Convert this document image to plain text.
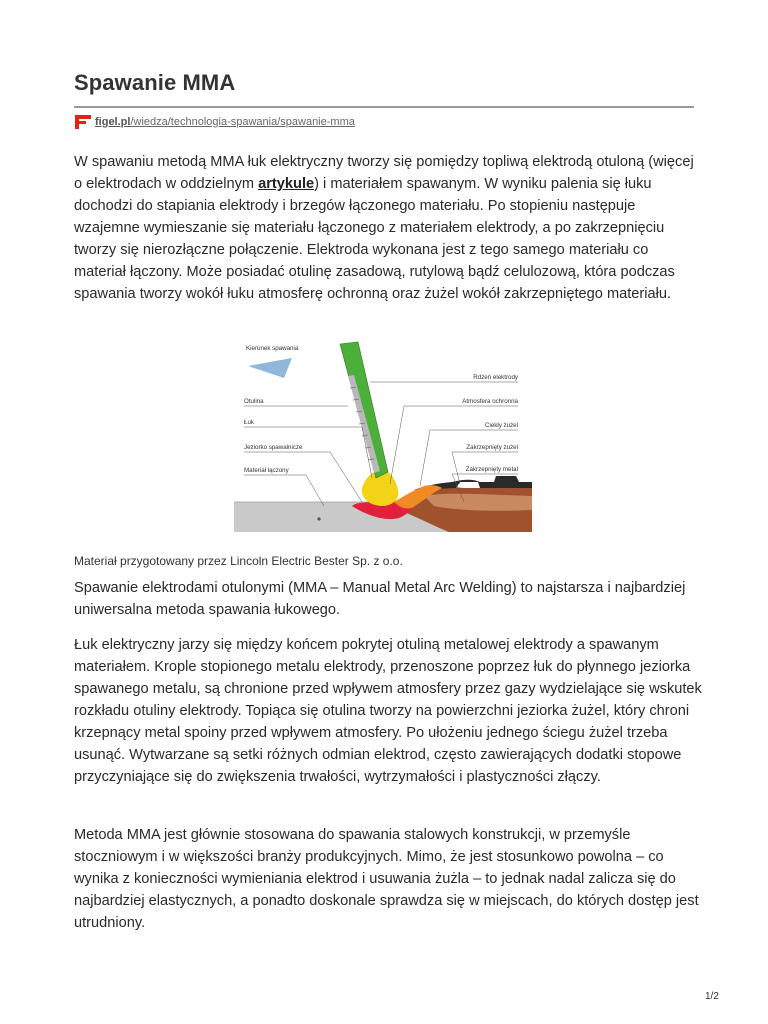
Spawanie MMA
figel.pl /wiedza/technologia-spawania/spawanie-mma

W spawaniu metodą MMA łuk elektryczny tworzy się pomiędzy topliwą elektrodą otuloną (więcej o elektrodach w oddzielnym artykule) i materiałem spawanym. W wyniku palenia się łuku dochodzi do stapiania elektrody i brzegów łączonego materiału. Po stopieniu następuje wzajemne wymieszanie się materiału łączonego z materiałem elektrody, a po zakrzepnięciu tworzy się nierozłączne połączenie. Elektroda wykonana jest z tego samego materiału co materiał łączony. Może posiadać otulinę zasadową, rutylową bądź celulozową, która podczas spawania tworzy wokół łuku atmosferę ochronną oraz żużel wokół zakrzepniętego materiału.

Kierunek spawania
Otulina
Łuk
Jeziorko spawalnicze
Materiał łączony
Rdzeń elektrody
Atmosfera ochronna
Ciekły żużel
Zakrzepnięty żużel
Zakrzepnięty metal

Materiał przygotowany przez Lincoln Electric Bester Sp. z o.o.

Spawanie elektrodami otulonymi (MMA – Manual Metal Arc Welding) to najstarsza i najbardziej uniwersalna metoda spawania łukowego.

Łuk elektryczny jarzy się między końcem pokrytej otuliną metalowej elektrody a spawanym materiałem. Krople stopionego metalu elektrody, przenoszone poprzez łuk do płynnego jeziorka spawanego metalu, są chronione przed wpływem atmosfery przez gazy wydzielające się wskutek rozkładu otuliny elektrody. Topiąca się otulina tworzy na powierzchni jeziorka żużel, który chroni krzepnący metal spoiny przed wpływem atmosfery. Po ułożeniu jednego ściegu żużel trzeba usunąć. Wytwarzane są setki różnych odmian elektrod, często zawierających dodatki stopowe przyczyniające się do zwiększenia trwałości, wytrzymałości i plastyczności złączy.

Metoda MMA jest głównie stosowana do spawania stalowych konstrukcji, w przemyśle stoczniowym i w większości branży produkcyjnych. Mimo, że jest stosunkowo powolna – co wynika z konieczności wymieniania elektrod i usuwania żużla – to jednak nadal zalicza się do najbardziej elastycznych, a ponadto doskonale sprawdza się w miejscach, do których dostęp jest utrudniony.

1/2
